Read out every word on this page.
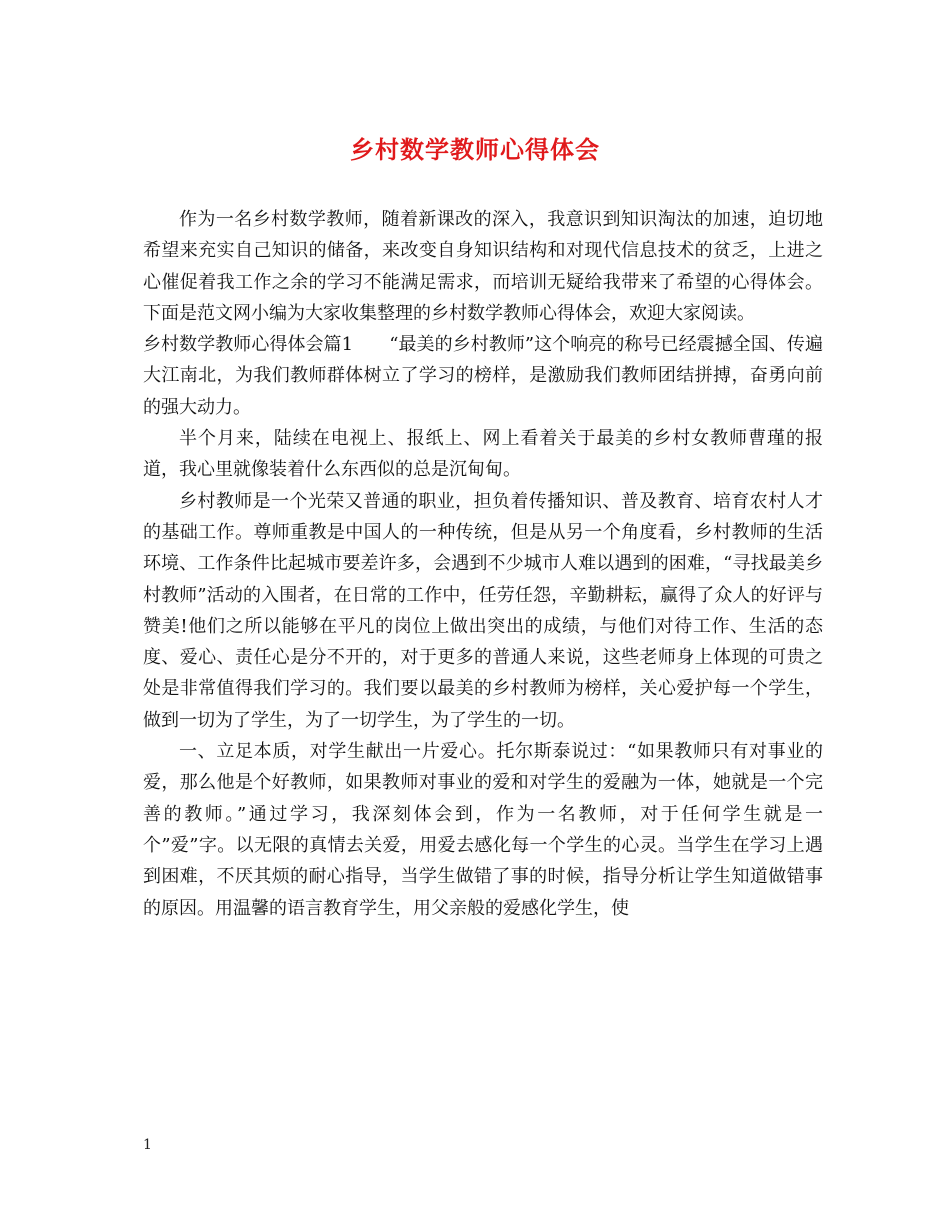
乡村数学教师心得体会

作为一名乡村数学教师，随着新课改的深入，我意识到知识淘汰的加速，迫切地希望来充实自己知识的储备，来改变自身知识结构和对现代信息技术的贫乏，上进之心催促着我工作之余的学习不能满足需求，而培训无疑给我带来了希望的心得体会。下面是范文网小编为大家收集整理的乡村数学教师心得体会，欢迎大家阅读。

乡村数学教师心得体会篇1　　“最美的乡村教师”这个响亮的称号已经震撼全国、传遍大江南北，为我们教师群体树立了学习的榜样，是激励我们教师团结拼搏，奋勇向前的强大动力。

半个月来，陆续在电视上、报纸上、网上看着关于最美的乡村女教师曹瑾的报道，我心里就像装着什么东西似的总是沉甸甸。

乡村教师是一个光荣又普通的职业，担负着传播知识、普及教育、培育农村人才的基础工作。尊师重教是中国人的一种传统，但是从另一个角度看，乡村教师的生活环境、工作条件比起城市要差许多，会遇到不少城市人难以遇到的困难，“寻找最美乡村教师”活动的入围者，在日常的工作中，任劳任怨，辛勤耕耘，赢得了众人的好评与赞美!他们之所以能够在平凡的岗位上做出突出的成绩，与他们对待工作、生活的态度、爱心、责任心是分不开的，对于更多的普通人来说，这些老师身上体现的可贵之处是非常值得我们学习的。我们要以最美的乡村教师为榜样，关心爱护每一个学生，做到一切为了学生，为了一切学生，为了学生的一切。

一、立足本质，对学生献出一片爱心。托尔斯泰说过：“如果教师只有对事业的爱，那么他是个好教师，如果教师对事业的爱和对学生的爱融为一体，她就是一个完善的教师。”通过学习，我深刻体会到，作为一名教师，对于任何学生就是一个”爱”字。以无限的真情去关爱，用爱去感化每一个学生的心灵。当学生在学习上遇到困难，不厌其烦的耐心指导，当学生做错了事的时候，指导分析让学生知道做错事的原因。用温馨的语言教育学生，用父亲般的爱感化学生，使

1
